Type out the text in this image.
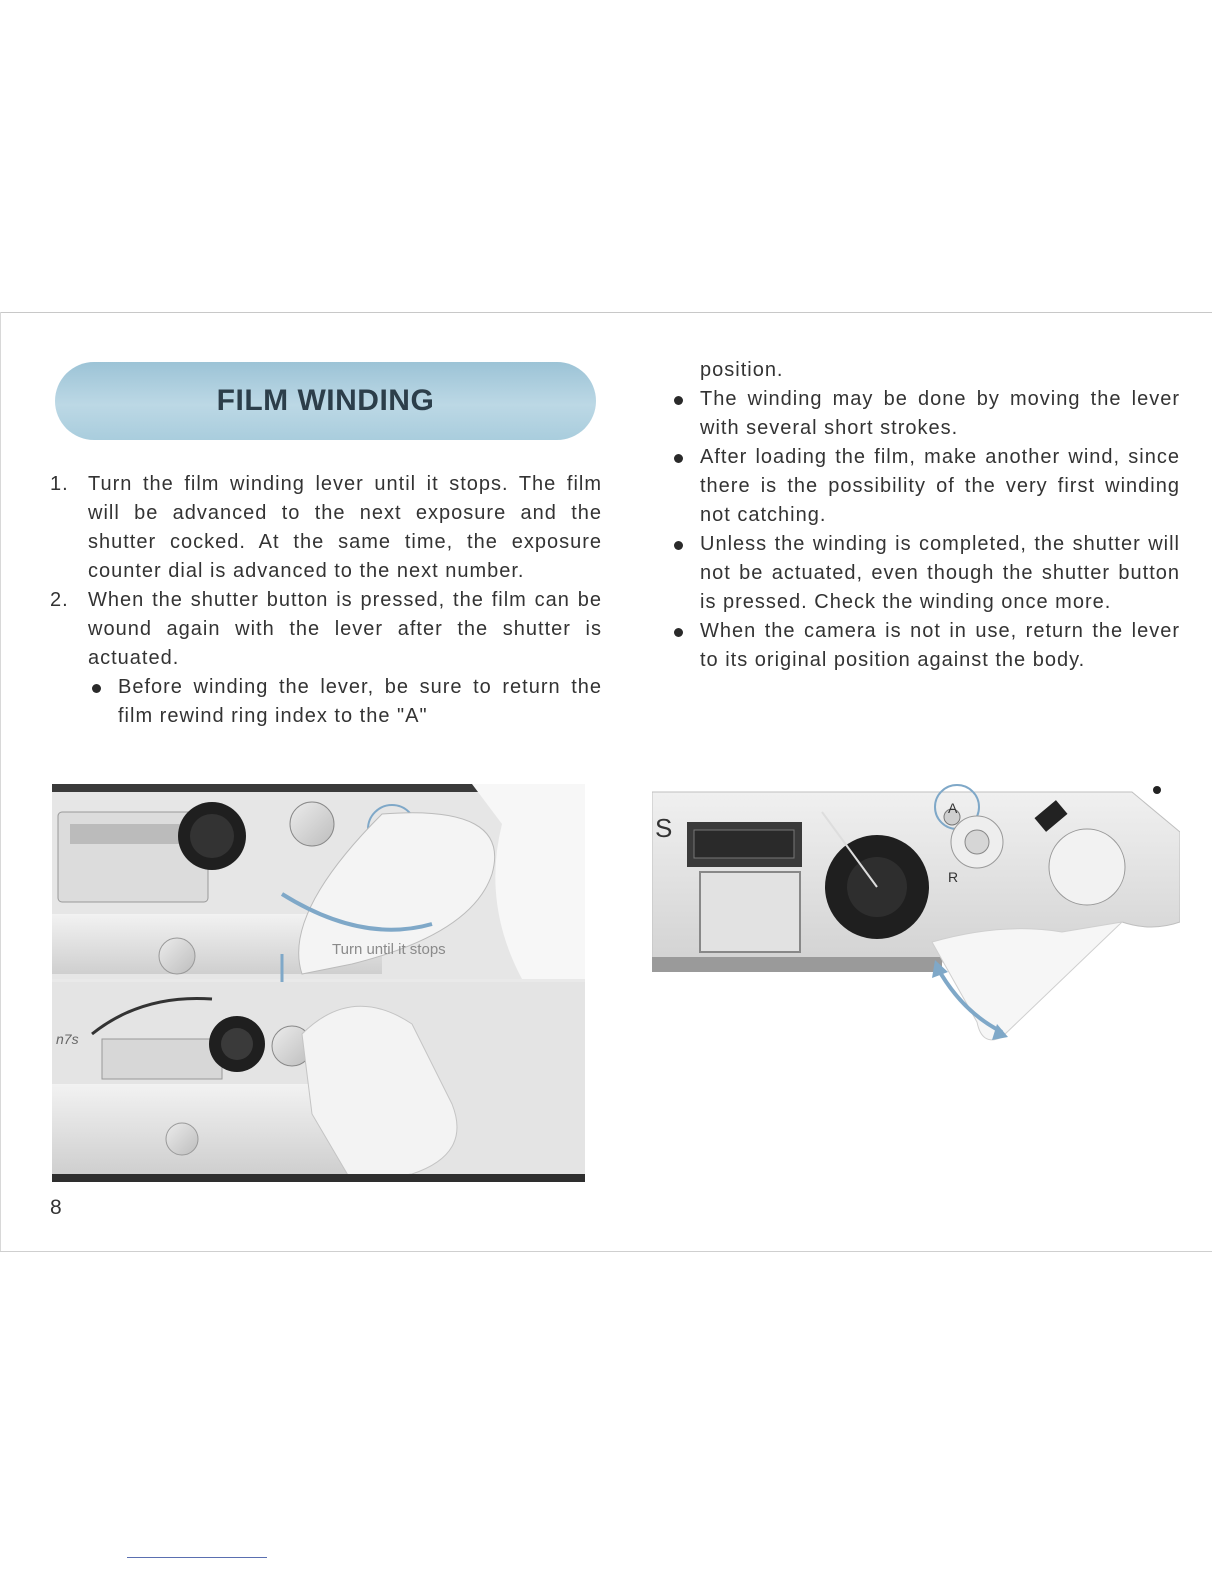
FILM WINDING
1. Turn the film winding lever until it stops. The film will be advanced to the next exposure and the shutter cocked. At the same time, the exposure counter dial is advanced to the next number.
2. When the shutter button is pressed, the film can be wound again with the lever after the shutter is actuated.
Before winding the lever, be sure to return the film rewind ring index to the "A"
position.
The winding may be done by moving the lever with several short strokes.
After loading the film, make another wind, since there is the possibility of the very first winding not catching.
Unless the winding is completed, the shutter will not be actuated, even though the shutter button is pressed. Check the winding once more.
When the camera is not in use, return the lever to its original position against the body.
Turn until it stops
n7s
S
A
R
8
